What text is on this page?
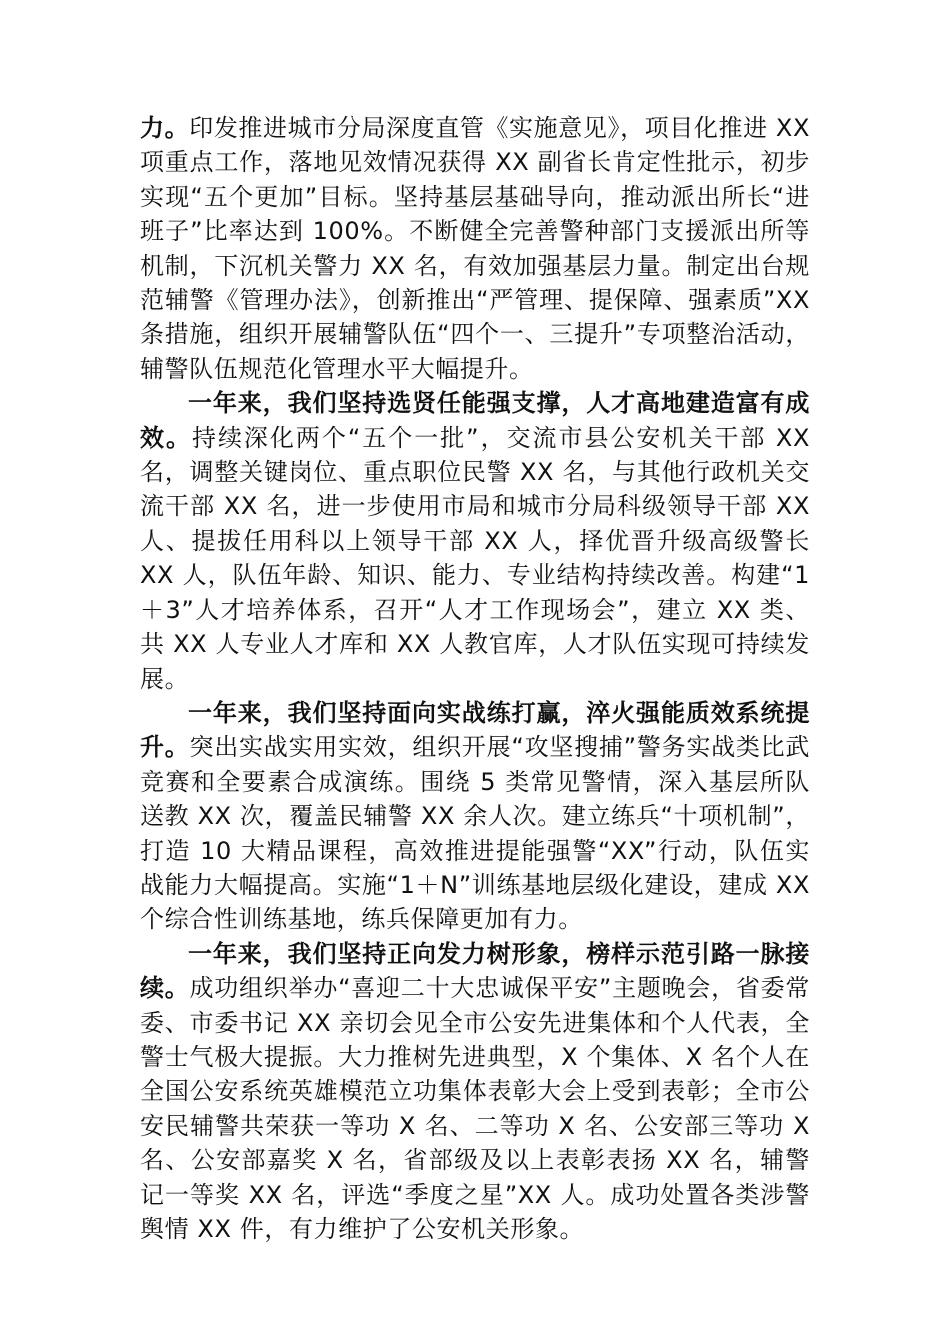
力。印发推进城市分局深度直管《实施意见》，项目化推进 XX 项重点工作，落地见效情况获得 XX 副省长肯定性批示，初步实现“五个更加”目标。坚持基层基础导向，推动派出所长“进班子”比率达到 100%。不断健全完善警种部门支援派出所等机制，下沉机关警力 XX 名，有效加强基层力量。制定出台规范辅警《管理办法》，创新推出“严管理、提保障、强素质”XX 条措施，组织开展辅警队伍“四个一、三提升”专项整治活动，辅警队伍规范化管理水平大幅提升。

一年来，我们坚持选贤任能强支撑，人才高地建造富有成效。持续深化两个“五个一批”，交流市县公安机关干部 XX 名，调整关键岗位、重点职位民警 XX 名，与其他行政机关交流干部 XX 名，进一步使用市局和城市分局科级领导干部 XX 人、提拔任用科以上领导干部 XX 人，择优晋升级高级警长 XX 人，队伍年龄、知识、能力、专业结构持续改善。构建“1＋3”人才培养体系，召开“人才工作现场会”，建立 XX 类、共 XX 人专业人才库和 XX 人教官库，人才队伍实现可持续发展。

一年来，我们坚持面向实战练打赢，淬火强能质效系统提升。突出实战实用实效，组织开展“攻坚搜捕”警务实战类比武竞赛和全要素合成演练。围绕 5 类常见警情，深入基层所队送教 XX 次，覆盖民辅警 XX 余人次。建立练兵“十项机制”，打造 10 大精品课程，高效推进提能强警“XX”行动，队伍实战能力大幅提高。实施“1＋N”训练基地层级化建设，建成 XX 个综合性训练基地，练兵保障更加有力。

一年来，我们坚持正向发力树形象，榜样示范引路一脉接续。成功组织举办“喜迎二十大忠诚保平安”主题晚会，省委常委、市委书记 XX 亲切会见全市公安先进集体和个人代表，全警士气极大提振。大力推树先进典型，X 个集体、X 名个人在全国公安系统英雄模范立功集体表彰大会上受到表彰；全市公安民辅警共荣获一等功 X 名、二等功 X 名、公安部三等功 X 名、公安部嘉奖 X 名，省部级及以上表彰表扬 XX 名，辅警记一等奖 XX 名，评选“季度之星”XX 人。成功处置各类涉警舆情 XX 件，有力维护了公安机关形象。
